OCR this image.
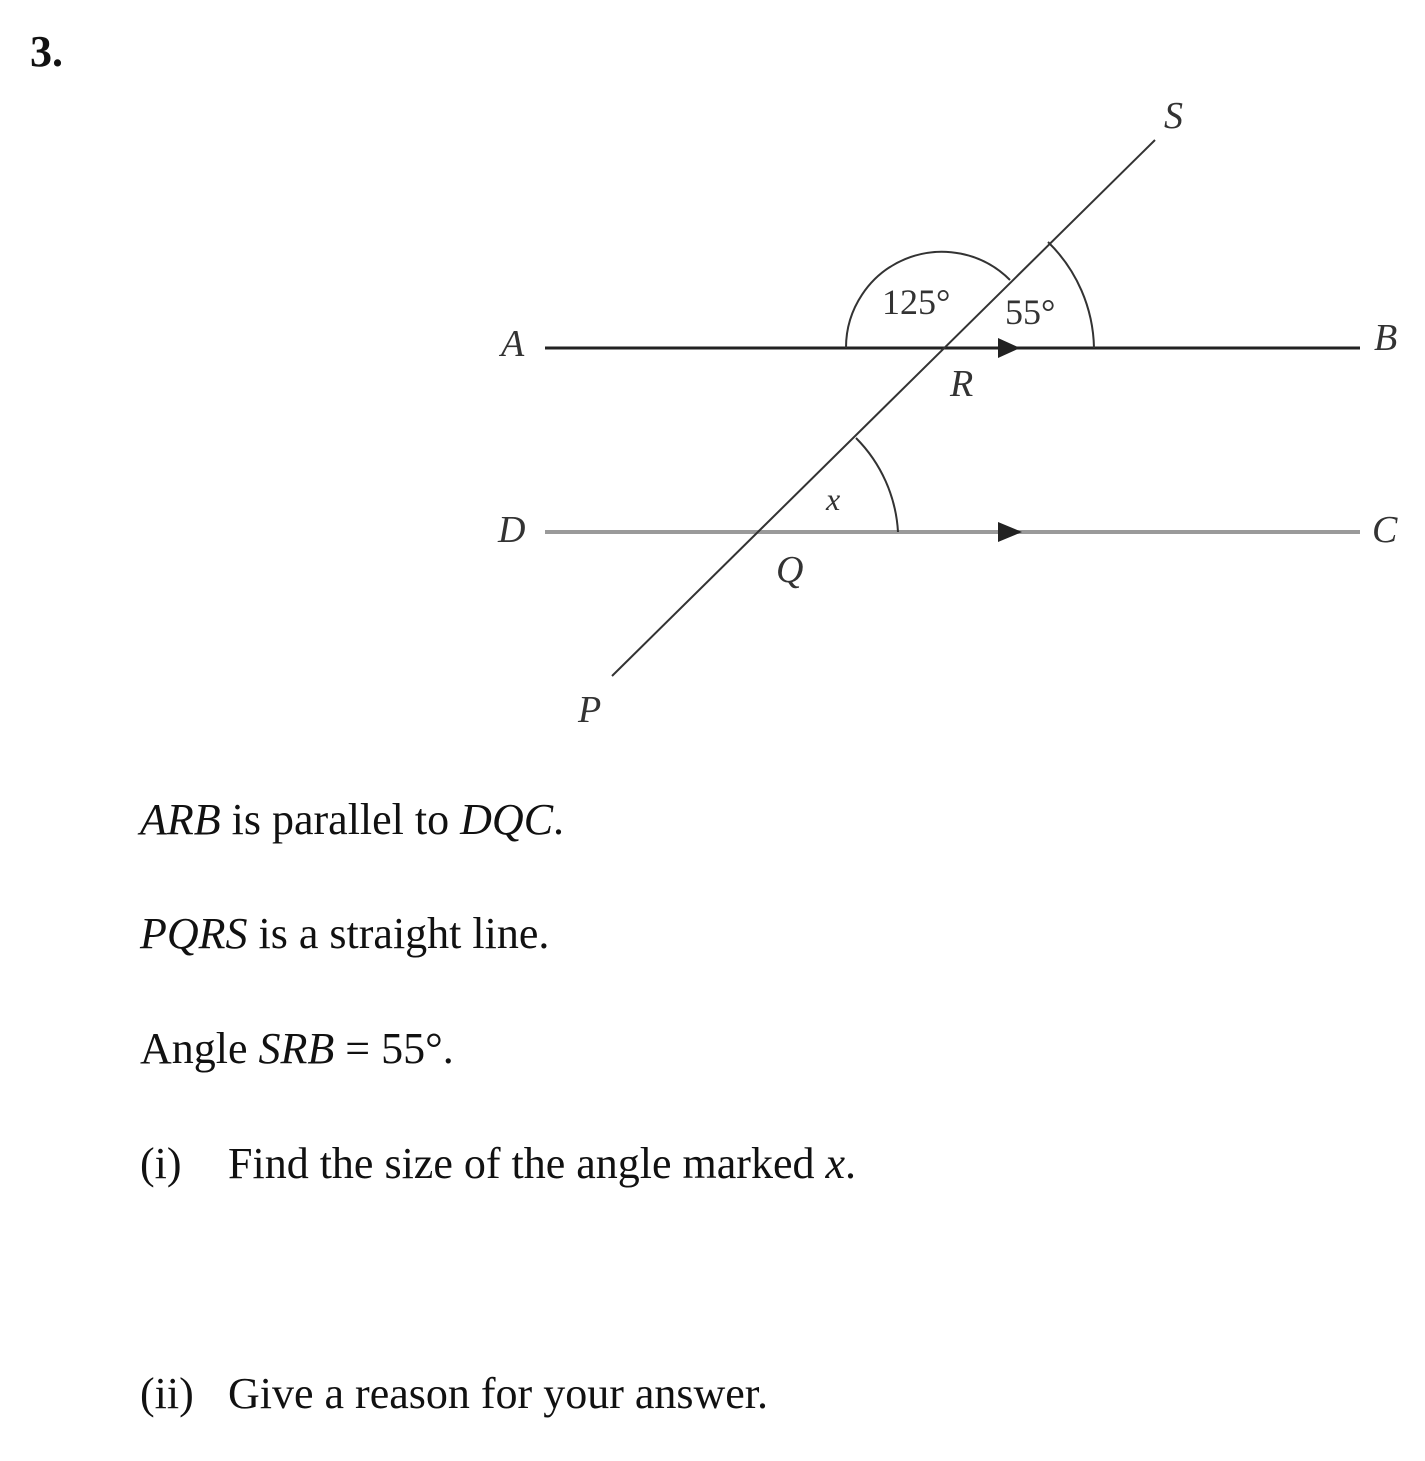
3.
A	B
D	C
R
Q
P
S
125° 55°
x
ARB is parallel to DQC.
PQRS is a straight line.
Angle SRB = 55°.
(i) Find the size of the angle marked x.
(ii) Give a reason for your answer.
